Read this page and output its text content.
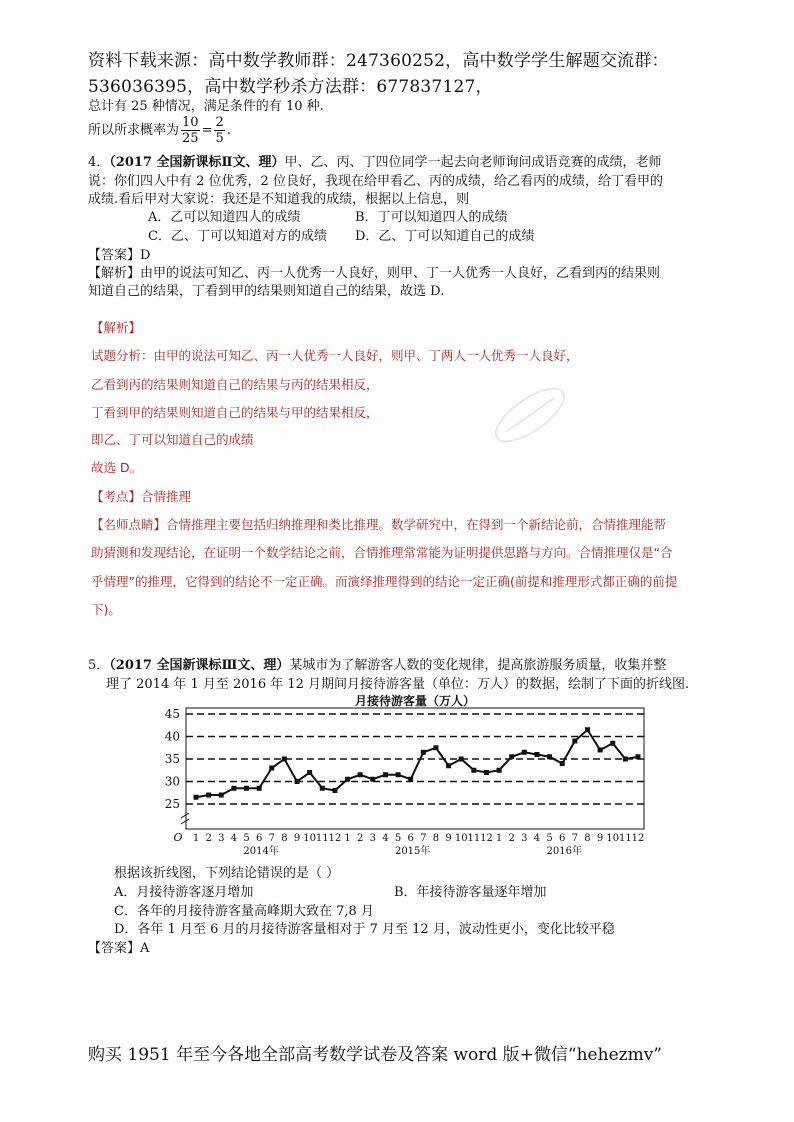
资料下载来源：高中数学教师群：247360252，高中数学学生解题交流群：
536036395，高中数学秒杀方法群：677837127，
总计有 25 种情况，满足条件的有 10 种.
所以所求概率为 $\frac{10}{25} = \frac{2}{5}$ .
4．（2017 全国新课标Ⅱ文、理）甲、乙、丙、丁四位同学一起去向老师询问成语竞赛的成绩，老师
说：你们四人中有 2 位优秀，2 位良好，我现在给甲看乙、丙的成绩，给乙看丙的成绩，给丁看甲的
成绩.看后甲对大家说：我还是不知道我的成绩，根据以上信息，则
A．乙可以知道四人的成绩	B．丁可以知道四人的成绩
C．乙、丁可以知道对方的成绩 D．乙、丁可以知道自己的成绩
【答案】D
【解析】由甲的说法可知乙、丙一人优秀一人良好，则甲、丁一人优秀一人良好，乙看到丙的结果则
知道自己的结果，丁看到甲的结果则知道自己的结果，故选 D.
【解析】
试题分析：由甲的说法可知乙、丙一人优秀一人良好，则甲、丁两人一人优秀一人良好，
乙看到丙的结果则知道自己的结果与丙的结果相反，
丁看到甲的结果则知道自己的结果与甲的结果相反，
即乙、丁可以知道自己的成绩
故选 D。
【考点】合情推理
【名师点睛】合情推理主要包括归纳推理和类比推理。数学研究中，在得到一个新结论前，合情推理能帮
助猜测和发现结论，在证明一个数学结论之前，合情推理常常能为证明提供思路与方向。合情推理仅是“合
乎情理”的推理，它得到的结论不一定正确。而演绎推理得到的结论一定正确(前提和推理形式都正确的前提
下)。
5．（2017 全国新课标Ⅲ文、理）某城市为了解游客人数的变化规律，提高旅游服务质量，收集并整
理了 2014 年 1 月至 2016 年 12 月期间月接待游客量（单位：万人）的数据，绘制了下面的折线图.
月接待游客量（万人）
25
30
35
40
45
O 1 2 3 4 5 6 7 8 9 10 11 12 1 2 3 4 5 6 7 8 9 10 11 12 1 2 3 4 5 6 7 8 9 10 11 12
2014年	2015年	2016年
根据该折线图，下列结论错误的是（ ）
A．月接待游客逐月增加	B．年接待游客量逐年增加
C．各年的月接待游客量高峰期大致在 7,8 月
D．各年 1 月至 6 月的月接待游客量相对于 7 月至 12 月，波动性更小，变化比较平稳
【答案】A
购买 1951 年至今各地全部高考数学试卷及答案 word 版+微信“hehezmv”
